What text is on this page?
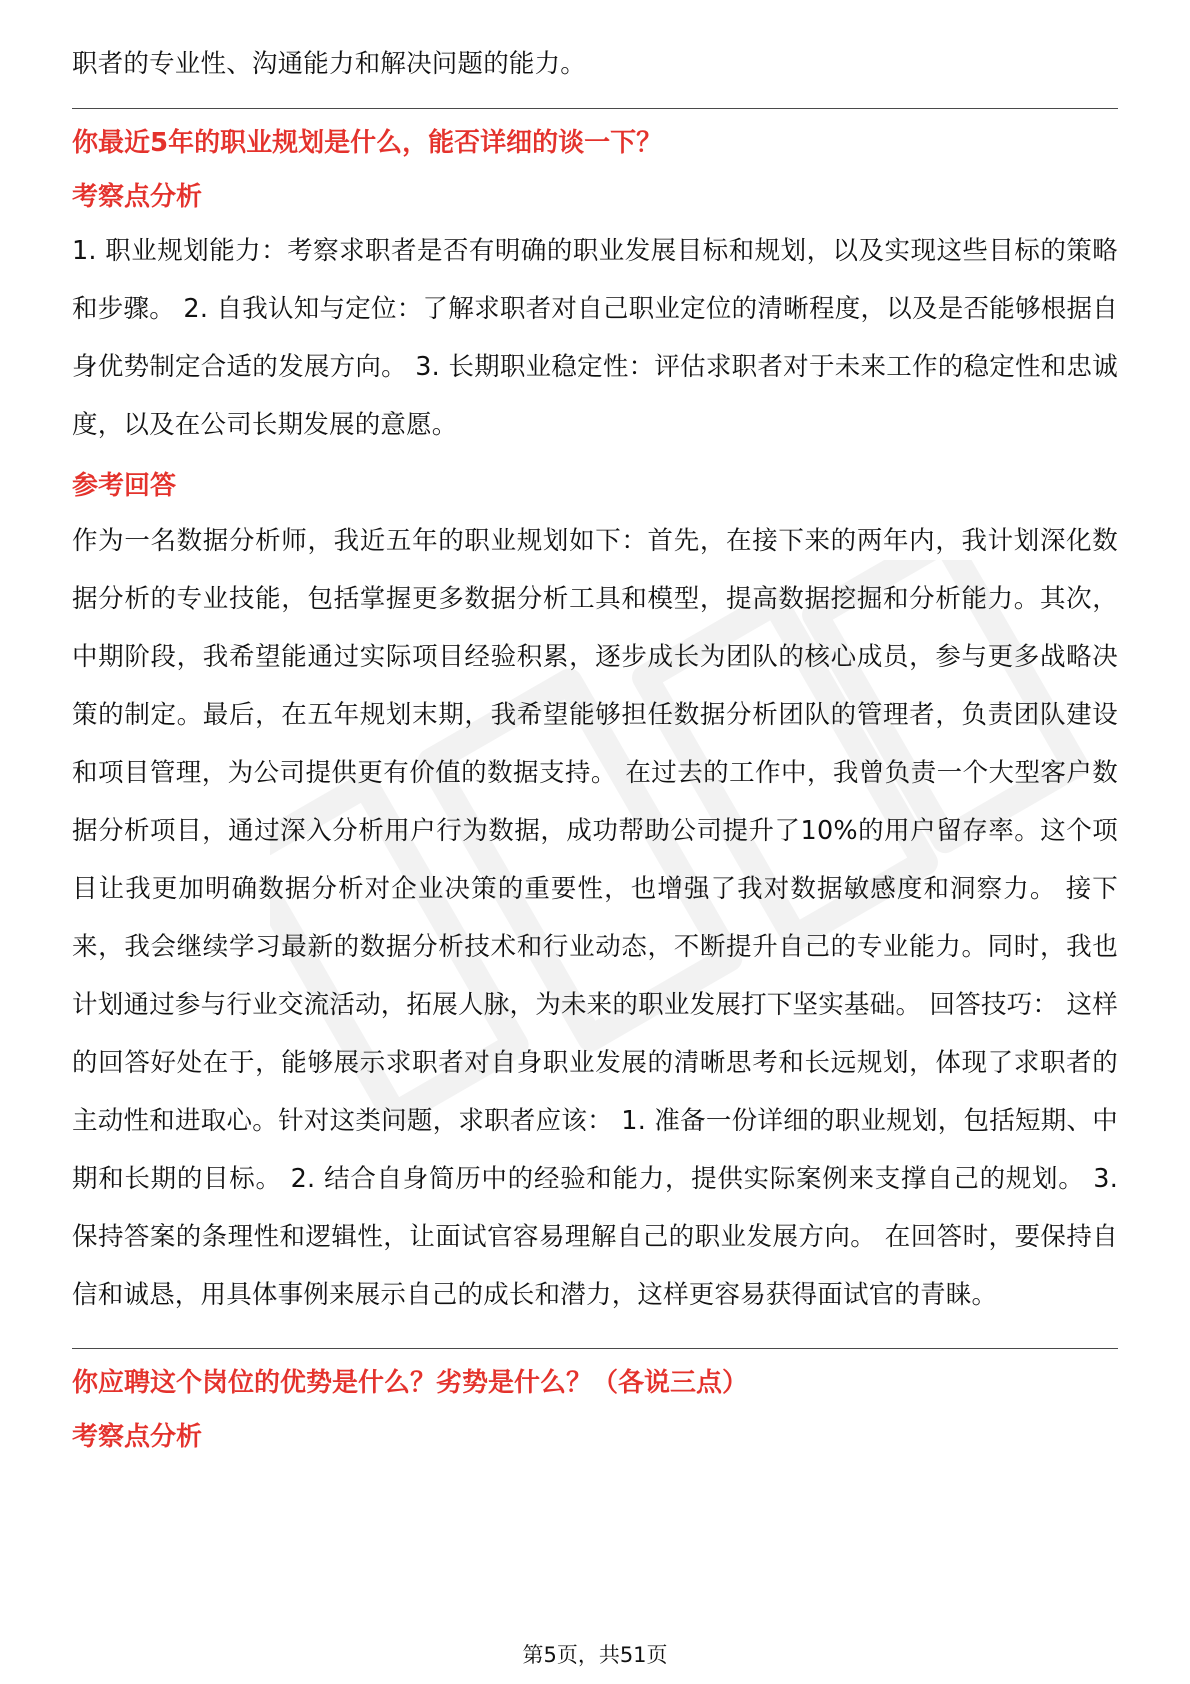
职者的专业性、沟通能力和解决问题的能力。

你最近5年的职业规划是什么，能否详细的谈一下？

考察点分析

1. 职业规划能力：考察求职者是否有明确的职业发展目标和规划，以及实现这些目标的策略和步骤。 2. 自我认知与定位：了解求职者对自己职业定位的清晰程度，以及是否能够根据自身优势制定合适的发展方向。 3. 长期职业稳定性：评估求职者对于未来工作的稳定性和忠诚度，以及在公司长期发展的意愿。

参考回答

作为一名数据分析师，我近五年的职业规划如下：首先，在接下来的两年内，我计划深化数据分析的专业技能，包括掌握更多数据分析工具和模型，提高数据挖掘和分析能力。其次，中期阶段，我希望能通过实际项目经验积累，逐步成长为团队的核心成员，参与更多战略决策的制定。最后，在五年规划末期，我希望能够担任数据分析团队的管理者，负责团队建设和项目管理，为公司提供更有价值的数据支持。 在过去的工作中，我曾负责一个大型客户数据分析项目，通过深入分析用户行为数据，成功帮助公司提升了10%的用户留存率。这个项目让我更加明确数据分析对企业决策的重要性，也增强了我对数据敏感度和洞察力。 接下来，我会继续学习最新的数据分析技术和行业动态，不断提升自己的专业能力。同时，我也计划通过参与行业交流活动，拓展人脉，为未来的职业发展打下坚实基础。 回答技巧： 这样的回答好处在于，能够展示求职者对自身职业发展的清晰思考和长远规划，体现了求职者的主动性和进取心。针对这类问题，求职者应该： 1. 准备一份详细的职业规划，包括短期、中期和长期的目标。 2. 结合自身简历中的经验和能力，提供实际案例来支撑自己的规划。 3. 保持答案的条理性和逻辑性，让面试官容易理解自己的职业发展方向。 在回答时，要保持自信和诚恳，用具体事例来展示自己的成长和潜力，这样更容易获得面试官的青睐。

你应聘这个岗位的优势是什么？劣势是什么？（各说三点）

考察点分析

第5页，共51页
